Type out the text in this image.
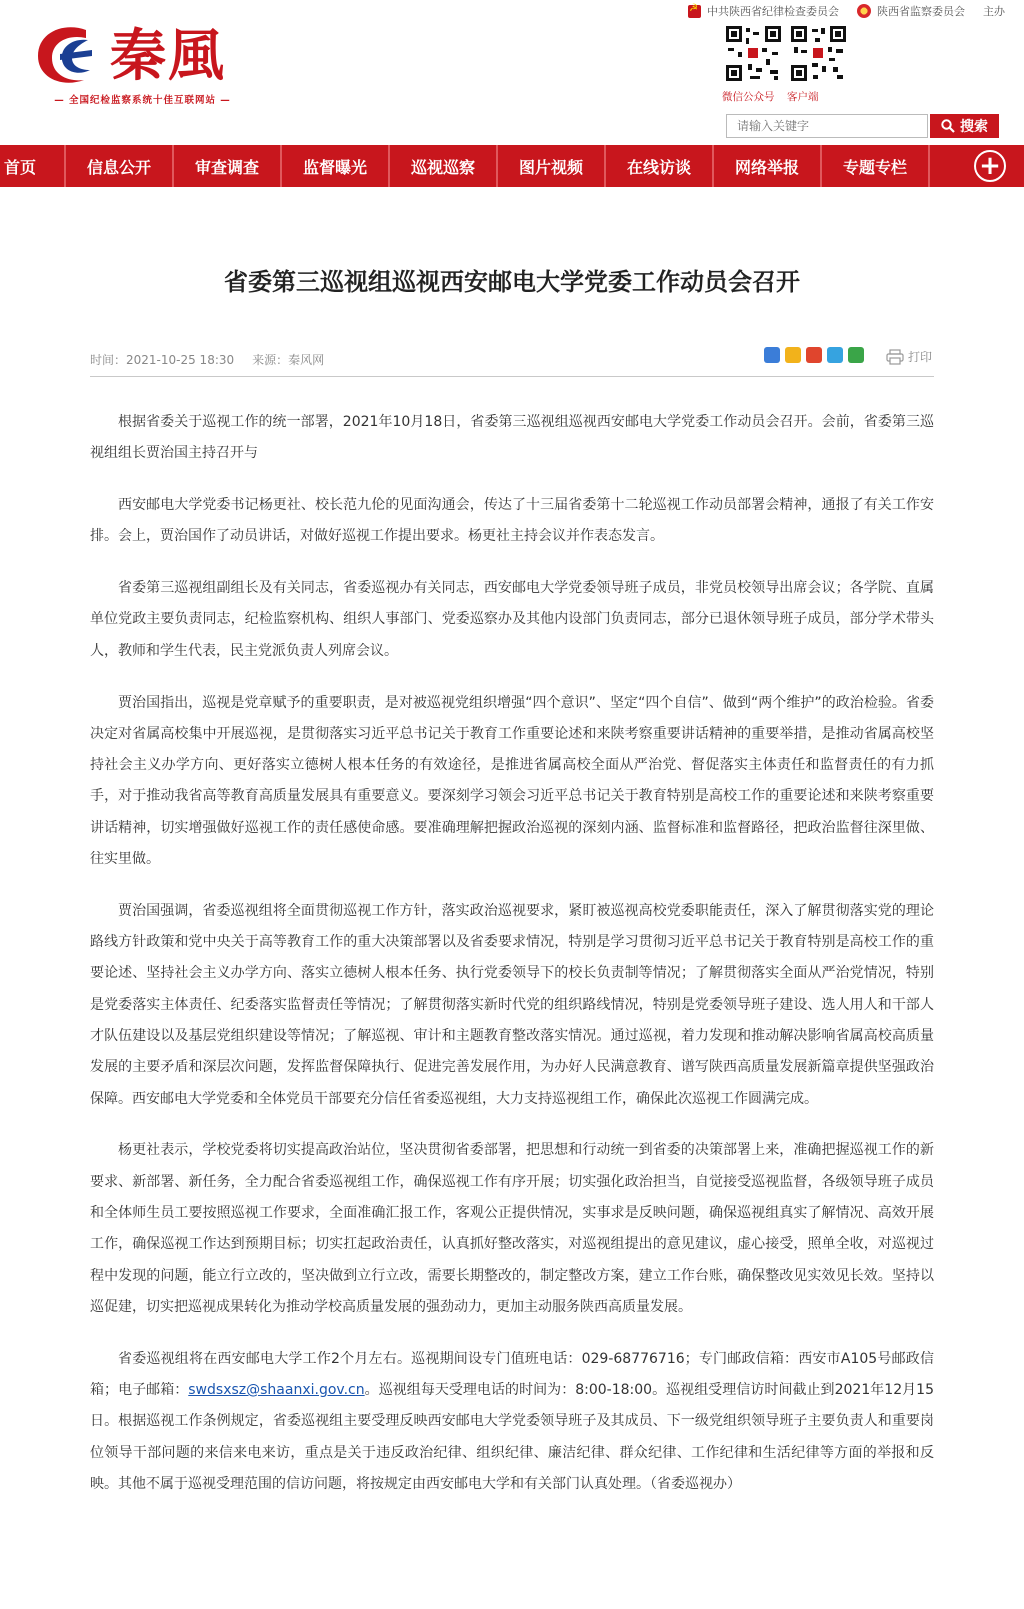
☭
中共陕西省纪律检查委员会	陕西省监察委员会 主办
秦風
— 全国纪检监察系统十佳互联网站 —	微信公众号 客户端
请输入关键字
搜索
首页	信息公开	审查调查	监督曝光	巡视巡察	图片视频	在线访谈	网络举报	专题专栏	+
省委第三巡视组巡视西安邮电大学党委工作动员会召开
时间：2021-10-25 18:30 来源：秦风网	打印

根据省委关于巡视工作的统一部署，2021年10月18日，省委第三巡视组巡视西安邮电大学党委工作动员会召开。会前，省委第三巡视组组长贾治国主持召开与

西安邮电大学党委书记杨更社、校长范九伦的见面沟通会，传达了十三届省委第十二轮巡视工作动员部署会精神，通报了有关工作安排。会上，贾治国作了动员讲话，对做好巡视工作提出要求。杨更社主持会议并作表态发言。

省委第三巡视组副组长及有关同志，省委巡视办有关同志，西安邮电大学党委领导班子成员，非党员校领导出席会议；各学院、直属单位党政主要负责同志，纪检监察机构、组织人事部门、党委巡察办及其他内设部门负责同志，部分已退休领导班子成员，部分学术带头人，教师和学生代表，民主党派负责人列席会议。

贾治国指出，巡视是党章赋予的重要职责，是对被巡视党组织增强“四个意识”、坚定“四个自信”、做到“两个维护”的政治检验。省委决定对省属高校集中开展巡视，是贯彻落实习近平总书记关于教育工作重要论述和来陕考察重要讲话精神的重要举措，是推动省属高校坚持社会主义办学方向、更好落实立德树人根本任务的有效途径，是推进省属高校全面从严治党、督促落实主体责任和监督责任的有力抓手，对于推动我省高等教育高质量发展具有重要意义。要深刻学习领会习近平总书记关于教育特别是高校工作的重要论述和来陕考察重要讲话精神，切实增强做好巡视工作的责任感使命感。要准确理解把握政治巡视的深刻内涵、监督标准和监督路径，把政治监督往深里做、往实里做。

贾治国强调，省委巡视组将全面贯彻巡视工作方针，落实政治巡视要求，紧盯被巡视高校党委职能责任，深入了解贯彻落实党的理论路线方针政策和党中央关于高等教育工作的重大决策部署以及省委要求情况，特别是学习贯彻习近平总书记关于教育特别是高校工作的重要论述、坚持社会主义办学方向、落实立德树人根本任务、执行党委领导下的校长负责制等情况；了解贯彻落实全面从严治党情况，特别是党委落实主体责任、纪委落实监督责任等情况；了解贯彻落实新时代党的组织路线情况，特别是党委领导班子建设、选人用人和干部人才队伍建设以及基层党组织建设等情况；了解巡视、审计和主题教育整改落实情况。通过巡视，着力发现和推动解决影响省属高校高质量发展的主要矛盾和深层次问题，发挥监督保障执行、促进完善发展作用，为办好人民满意教育、谱写陕西高质量发展新篇章提供坚强政治保障。西安邮电大学党委和全体党员干部要充分信任省委巡视组，大力支持巡视组工作，确保此次巡视工作圆满完成。

杨更社表示，学校党委将切实提高政治站位，坚决贯彻省委部署，把思想和行动统一到省委的决策部署上来，准确把握巡视工作的新要求、新部署、新任务，全力配合省委巡视组工作，确保巡视工作有序开展；切实强化政治担当，自觉接受巡视监督，各级领导班子成员和全体师生员工要按照巡视工作要求，全面准确汇报工作，客观公正提供情况，实事求是反映问题，确保巡视组真实了解情况、高效开展工作，确保巡视工作达到预期目标；切实扛起政治责任，认真抓好整改落实，对巡视组提出的意见建议，虚心接受，照单全收，对巡视过程中发现的问题，能立行立改的，坚决做到立行立改，需要长期整改的，制定整改方案，建立工作台账，确保整改见实效见长效。坚持以巡促建，切实把巡视成果转化为推动学校高质量发展的强劲动力，更加主动服务陕西高质量发展。

省委巡视组将在西安邮电大学工作2个月左右。巡视期间设专门值班电话：029-68776716；专门邮政信箱：西安市A105号邮政信箱；电子邮箱：swdsxsz@shaanxi.gov.cn。巡视组每天受理电话的时间为：8:00-18:00。巡视组受理信访时间截止到2021年12月15日。根据巡视工作条例规定，省委巡视组主要受理反映西安邮电大学党委领导班子及其成员、下一级党组织领导班子主要负责人和重要岗位领导干部问题的来信来电来访，重点是关于违反政治纪律、组织纪律、廉洁纪律、群众纪律、工作纪律和生活纪律等方面的举报和反映。其他不属于巡视受理范围的信访问题，将按规定由西安邮电大学和有关部门认真处理。（省委巡视办）
